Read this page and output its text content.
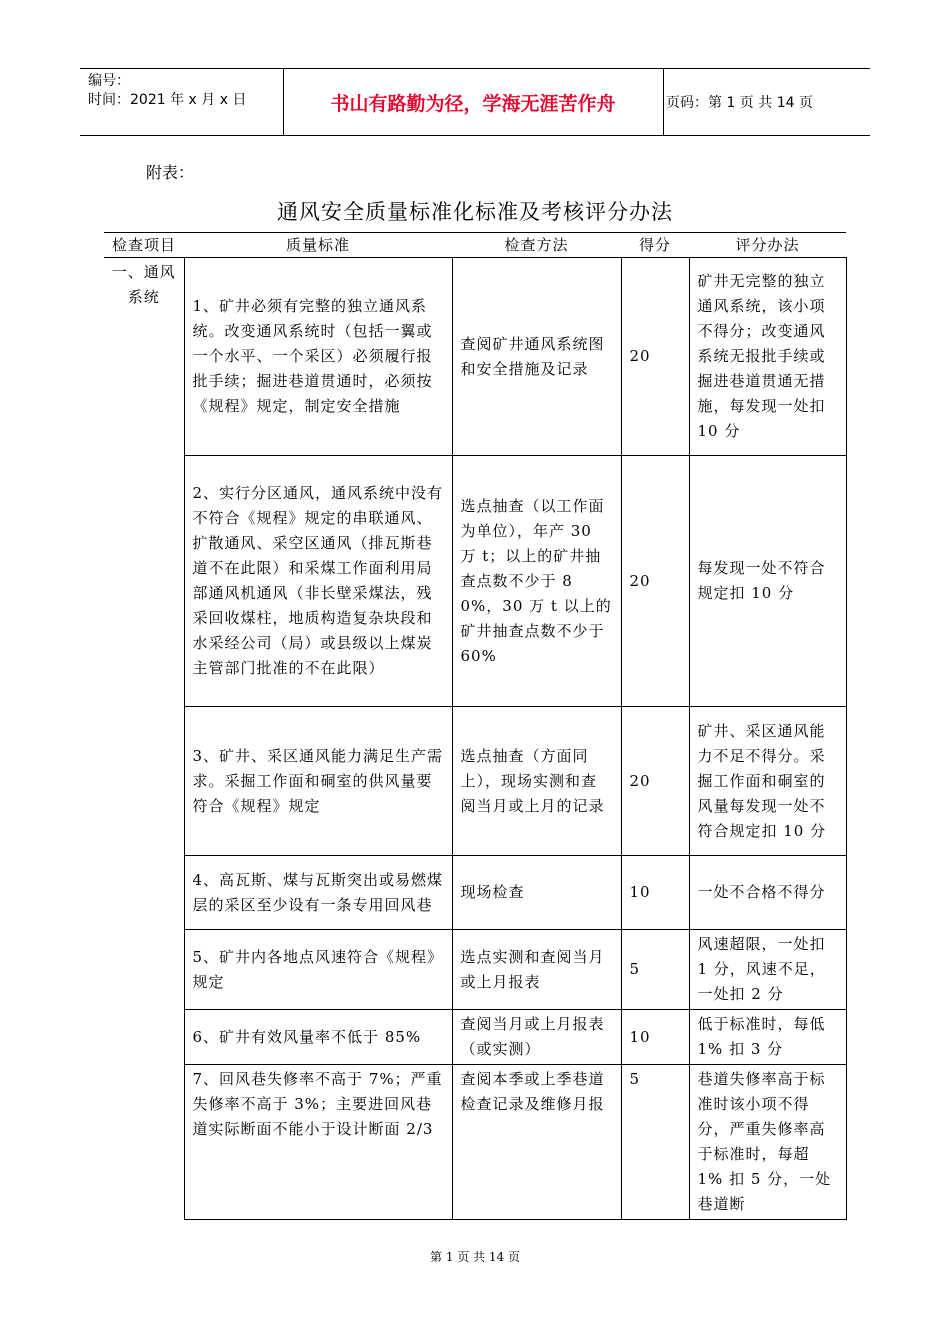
编号：
时间：2021 年 x 月 x 日	书山有路勤为径，学海无涯苦作舟	页码：第 1 页 共 14 页
附表：
通风安全质量标准化标准及考核评分办法
检查项目	质量标准	检查方法	得分	评分办法
一、通风系统	1、矿井必须有完整的独立通风系统。改变通风系统时（包括一翼或一个水平、一个采区）必须履行报批手续；掘进巷道贯通时，必须按《规程》规定，制定安全措施	查阅矿井通风系统图和安全措施及记录	20	矿井无完整的独立通风系统，该小项不得分；改变通风系统无报批手续或掘进巷道贯通无措施，每发现一处扣 10 分
	2、实行分区通风，通风系统中没有不符合《规程》规定的串联通风、扩散通风、采空区通风（排瓦斯巷道不在此限）和采煤工作面利用局部通风机通风（非长壁采煤法，残采回收煤柱，地质构造复杂块段和水采经公司（局）或县级以上煤炭主管部门批准的不在此限）	选点抽查（以工作面为单位），年产 30 万 t；以上的矿井抽查点数不少于 80%，30 万 t 以上的矿井抽查点数不少于 60%	20	每发现一处不符合规定扣 10 分
	3、矿井、采区通风能力满足生产需求。采掘工作面和硐室的供风量要符合《规程》规定	选点抽查（方面同上），现场实测和查阅当月或上月的记录	20	矿井、采区通风能力不足不得分。采掘工作面和硐室的风量每发现一处不符合规定扣 10 分
	4、高瓦斯、煤与瓦斯突出或易燃煤层的采区至少设有一条专用回风巷	现场检查	10	一处不合格不得分
	5、矿井内各地点风速符合《规程》规定	选点实测和查阅当月或上月报表	5	风速超限，一处扣 1 分，风速不足，一处扣 2 分
	6、矿井有效风量率不低于 85%	查阅当月或上月报表（或实测）	10	低于标准时，每低 1% 扣 3 分
	7、回风巷失修率不高于 7%；严重失修率不高于 3%；主要进回风巷道实际断面不能小于设计断面 2/3	查阅本季或上季巷道检查记录及维修月报	5	巷道失修率高于标准时该小项不得分，严重失修率高于标准时，每超 1% 扣 5 分，一处巷道断
第 1 页 共 14 页
